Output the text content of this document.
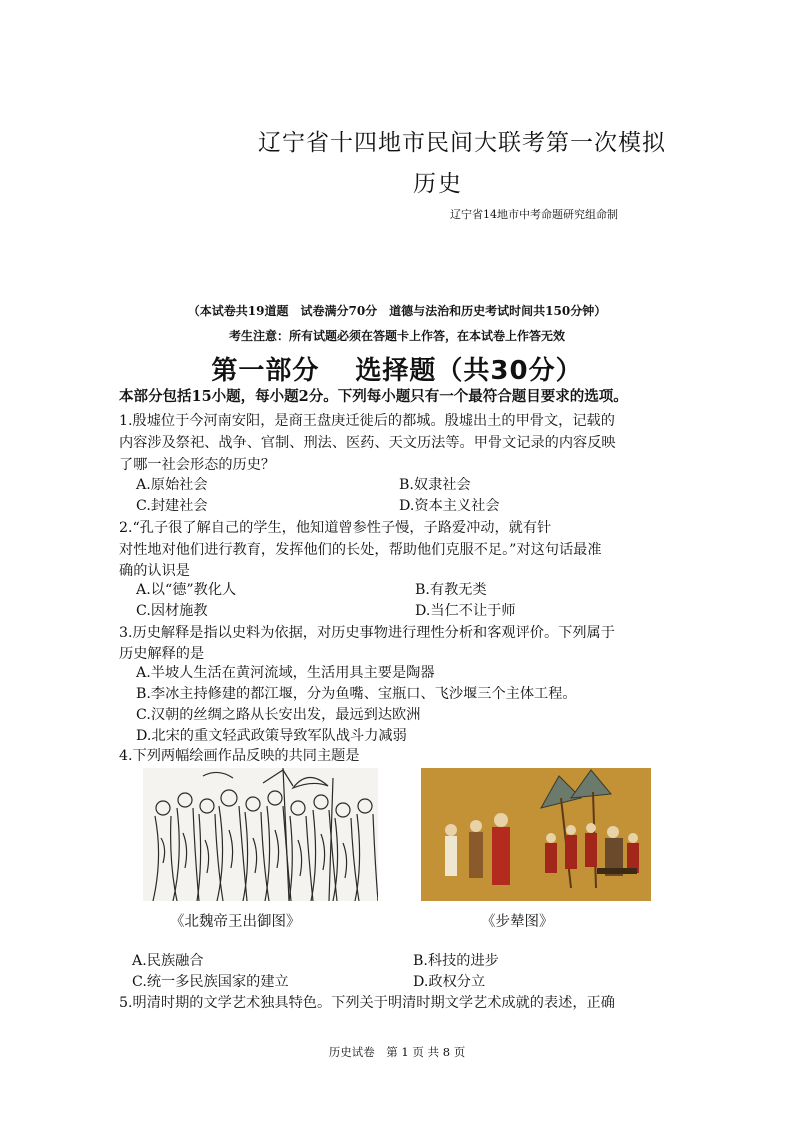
辽宁省十四地市民间大联考第一次模拟
历史
辽宁省14地市中考命题研究组命制
（本试卷共19道题　试卷满分70分　道德与法治和历史考试时间共150分钟）
考生注意：所有试题必须在答题卡上作答，在本试卷上作答无效
第一部分 选择题（共30分）
本部分包括15小题，每小题2分。下列每小题只有一个最符合题目要求的选项。
1.殷墟位于今河南安阳，是商王盘庚迁徙后的都城。殷墟出土的甲骨文，记载的
内容涉及祭祀、战争、官制、刑法、医药、天文历法等。甲骨文记录的内容反映
了哪一社会形态的历史？
A.原始社会	B.奴隶社会
C.封建社会	D.资本主义社会
2.“孔子很了解自己的学生，他知道曾参性子慢，子路爱冲动，就有针
对性地对他们进行教育，发挥他们的长处，帮助他们克服不足。”对这句话最准
确的认识是
A.以“德”教化人	B.有教无类
C.因材施教	D.当仁不让于师
3.历史解释是指以史料为依据，对历史事物进行理性分析和客观评价。下列属于
历史解释的是
A.半坡人生活在黄河流域，生活用具主要是陶器
B.李冰主持修建的都江堰，分为鱼嘴、宝瓶口、飞沙堰三个主体工程。
C.汉朝的丝绸之路从长安出发，最远到达欧洲
D.北宋的重文轻武政策导致军队战斗力减弱
4.下列两幅绘画作品反映的共同主题是
《北魏帝王出御图》	《步辇图》
A.民族融合	B.科技的进步
C.统一多民族国家的建立	D.政权分立
5.明清时期的文学艺术独具特色。下列关于明清时期文学艺术成就的表述，正确
历史试卷　第 1 页 共 8 页
